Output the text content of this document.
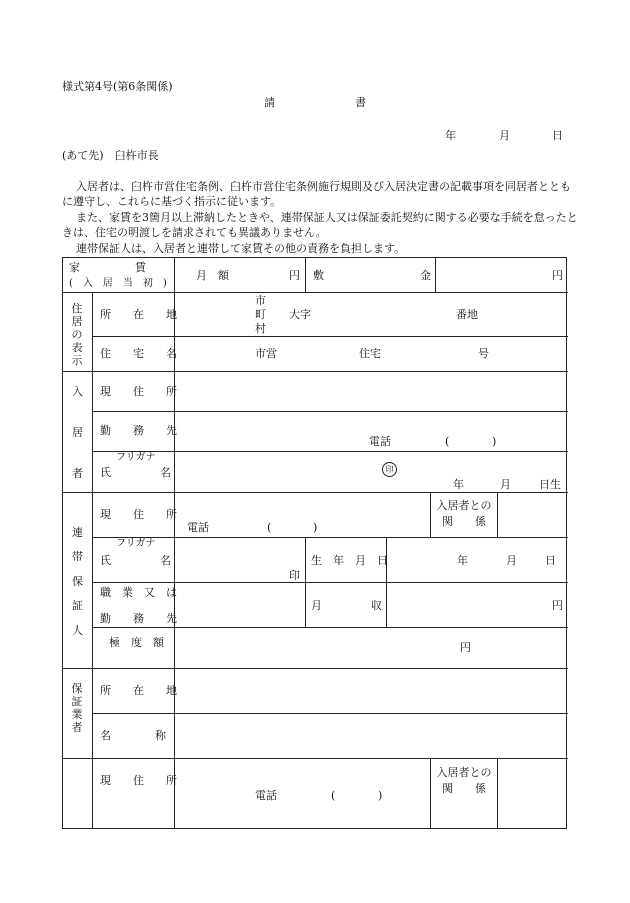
様式第4号(第6条関係)
請	書
年	月	日
(あて先)　臼杵市長
入居者は、臼杵市営住宅条例、臼杵市営住宅条例施行規則及び入居決定書の記載事項を同居者ととも
に遵守し、これらに基づく指示に従います。
また、家賃を3箇月以上滞納したときや、連帯保証人又は保証委託契約に関する必要な手続を怠ったと
きは、住宅の明渡しを請求されても異議ありません。
連帯保証人は、入居者と連帯して家賃その他の責務を負担します。
家　　　　　賃
(　入　居　当　初　)
月　額	円 敷	金	円
住居の表示
所　　在　　地
市
町
村
大字	番地
住　　宅　　名	市営	住宅	号
入
居
者
現　　住　　所
勤　　務　　先
電話	(	)
フリガナ
氏	名	印
年	月	日生
連
帯
保
証
人
現　　住　　所
電話	(	)
入居者との
関　　係
フリガナ
氏	名
印
生　年　月　日	年	月	日
職　業　又　は
勤　　務　　先
月	収	円
極　度　額	円
保証業者
所　　在　　地
名　　　　称
現　　住　　所
電話	(	)
入居者との
関　　係
